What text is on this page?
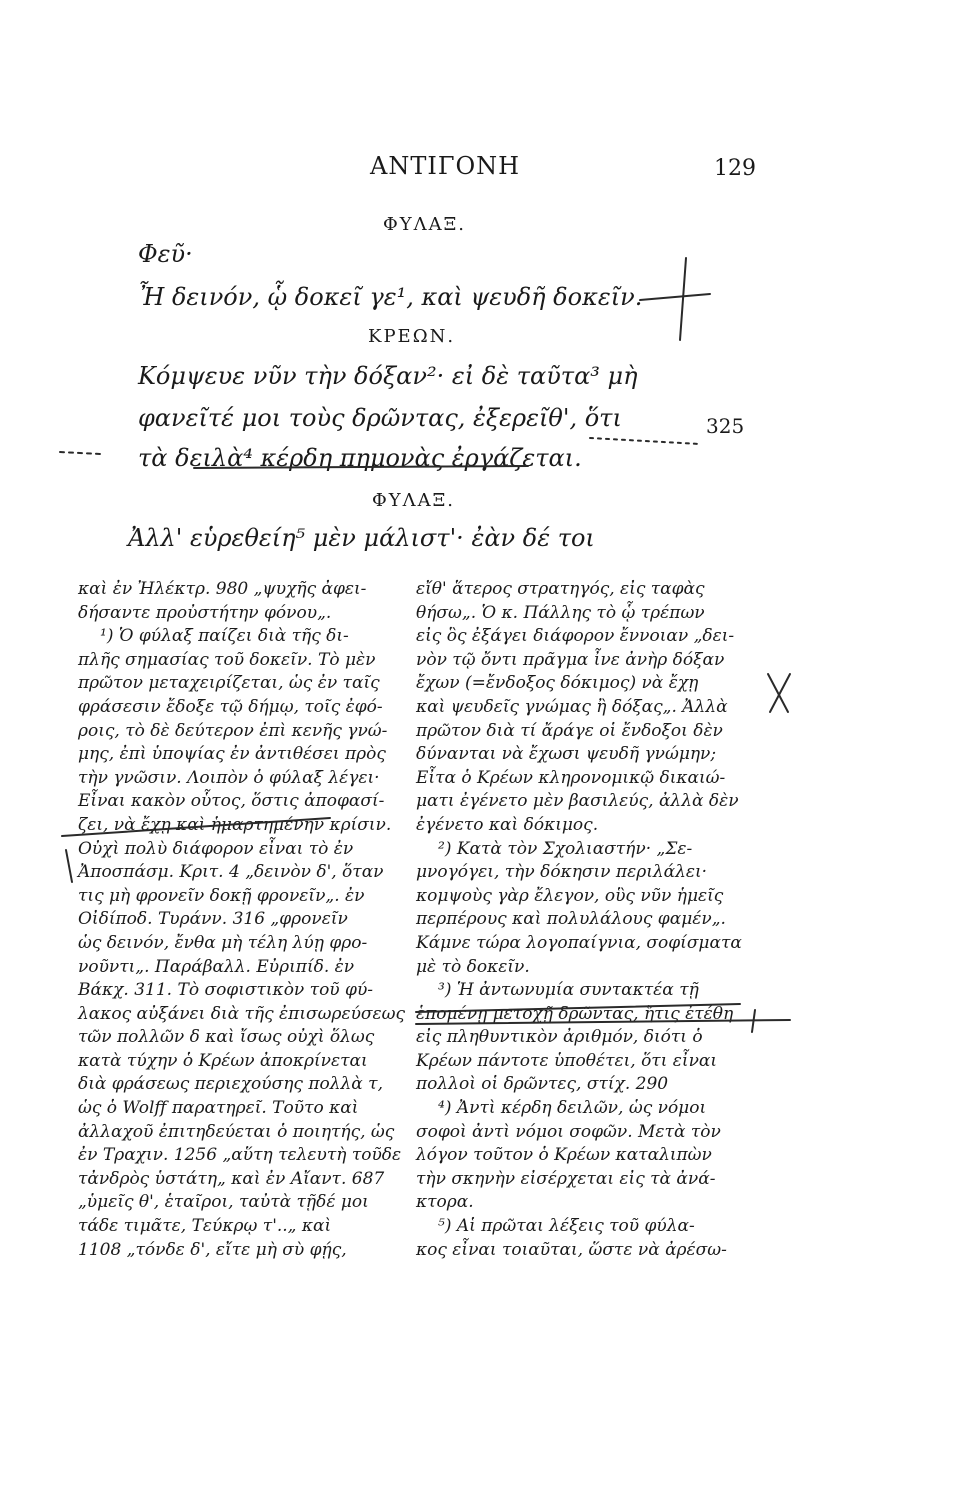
ΑΝΤΙΓΟΝΗ	129
ΦΥΛΑΞ.
Φεῦ·
Ἦ δεινόν, ᾧ δοκεῖ γε¹, καὶ ψευδῆ δοκεῖν.
ΚΡΕΩΝ.
Κόμψευε νῦν τὴν δόξαν²· εἰ δὲ ταῦτα³ μὴ
φανεῖτέ μοι τοὺς δρῶντας, ἐξερεῖθ', ὅτι
τὰ δειλὰ⁴ κέρδη πημονὰς ἐργάζεται.
325
ΦΥΛΑΞ.
Ἀλλ' εὑρεθείη⁵ μὲν μάλιστ'· ἐὰν δέ τοι
καὶ ἐν Ἠλέκτρ. 980 „ψυχῆς ἀφει-
δήσαντε προὐστήτην φόνου„.
¹) Ὁ φύλαξ παίζει διὰ τῆς δι-
πλῆς σημασίας τοῦ δοκεῖν. Τὸ μὲν
πρῶτον μεταχειρίζεται, ὡς ἐν ταῖς
φράσεσιν ἔδοξε τῷ δήμῳ, τοῖς ἐφό-
ροις, τὸ δὲ δεύτερον ἐπὶ κενῆς γνώ-
μης, ἐπὶ ὑποψίας ἐν ἀντιθέσει πρὸς
τὴν γνῶσιν. Λοιπὸν ὁ φύλαξ λέγει·
Εἶναι κακὸν οὗτος, ὅστις ἀποφασί-
ζει, νὰ ἔχῃ καὶ ἡμαρτημένην κρίσιν.
Οὐχὶ πολὺ διάφορον εἶναι τὸ ἐν
Ἀποσπάσμ. Κριτ. 4 „δεινὸν δ', ὅταν
τις μὴ φρονεῖν δοκῇ φρονεῖν„. ἐν
Οἰδίποδ. Τυράνν. 316 „φρονεῖν
ὡς δεινόν, ἔνθα μὴ τέλη λύῃ φρο-
νοῦντι„. Παράβαλλ. Εὐριπίδ. ἐν
Βάκχ. 311. Τὸ σοφιστικὸν τοῦ φύ-
λακος αὐξάνει διὰ τῆς ἐπισωρεύσεως
τῶν πολλῶν δ καὶ ἴσως οὐχὶ ὅλως
κατὰ τύχην ὁ Κρέων ἀποκρίνεται
διὰ φράσεως περιεχούσης πολλὰ τ,
ὡς ὁ Wolff παρατηρεῖ. Τοῦτο καὶ
ἀλλαχοῦ ἐπιτηδεύεται ὁ ποιητής, ὡς
ἐν Τραχιν. 1256 „αὕτη τελευτὴ τοῦδε
τἀνδρὸς ὑστάτη„ καὶ ἐν Αἴαντ. 687
„ὑμεῖς θ', ἑταῖροι, ταὐτὰ τῇδέ μοι
τάδε τιμᾶτε, Τεύκρῳ τ'..„ καὶ
1108 „τόνδε δ', εἴτε μὴ σὺ φῄς,
εἴθ' ἅτερος στρατηγός, εἰς ταφὰς
θήσω„. Ὁ κ. Πάλλης τὸ ᾧ τρέπων
εἰς ὃς ἐξάγει διάφορον ἔννοιαν „δει-
νὸν τῷ ὄντι πρᾶγμα ἶνε ἀνὴρ δόξαν
ἔχων (=ἔνδοξος δόκιμος) νὰ ἔχῃ
καὶ ψευδεῖς γνώμας ἢ δόξας„. Ἀλλὰ
πρῶτον διὰ τί ἄράγε οἱ ἔνδοξοι δὲν
δύνανται νὰ ἔχωσι ψευδῆ γνώμην;
Εἶτα ὁ Κρέων κληρονομικῷ δικαιώ-
ματι ἐγένετο μὲν βασιλεύς, ἀλλὰ δὲν
ἐγένετο καὶ δόκιμος.
²) Κατὰ τὸν Σχολιαστήν· „Σε-
μνογόγει, τὴν δόκησιν περιλάλει·
κομψοὺς γὰρ ἔλεγον, οὓς νῦν ἡμεῖς
περπέρους καὶ πολυλάλους φαμέν„.
Κάμνε τώρα λογοπαίγνια, σοφίσματα
μὲ τὸ δοκεῖν.
³) Ἡ ἀντωνυμία συντακτέα τῇ
ἑπομένῃ μετοχῇ δρῶντας, ἥτις ἐτέθη
εἰς πληθυντικὸν ἀριθμόν, διότι ὁ
Κρέων πάντοτε ὑποθέτει, ὅτι εἶναι
πολλοὶ οἱ δρῶντες, στίχ. 290
⁴) Ἀντὶ κέρδη δειλῶν, ὡς νόμοι
σοφοὶ ἀντὶ νόμοι σοφῶν. Μετὰ τὸν
λόγον τοῦτον ὁ Κρέων καταλιπὼν
τὴν σκηνὴν εἰσέρχεται εἰς τὰ ἀνά-
κτορα.
⁵) Αἱ πρῶται λέξεις τοῦ φύλα-
κος εἶναι τοιαῦται, ὥστε νὰ ἀρέσω-
